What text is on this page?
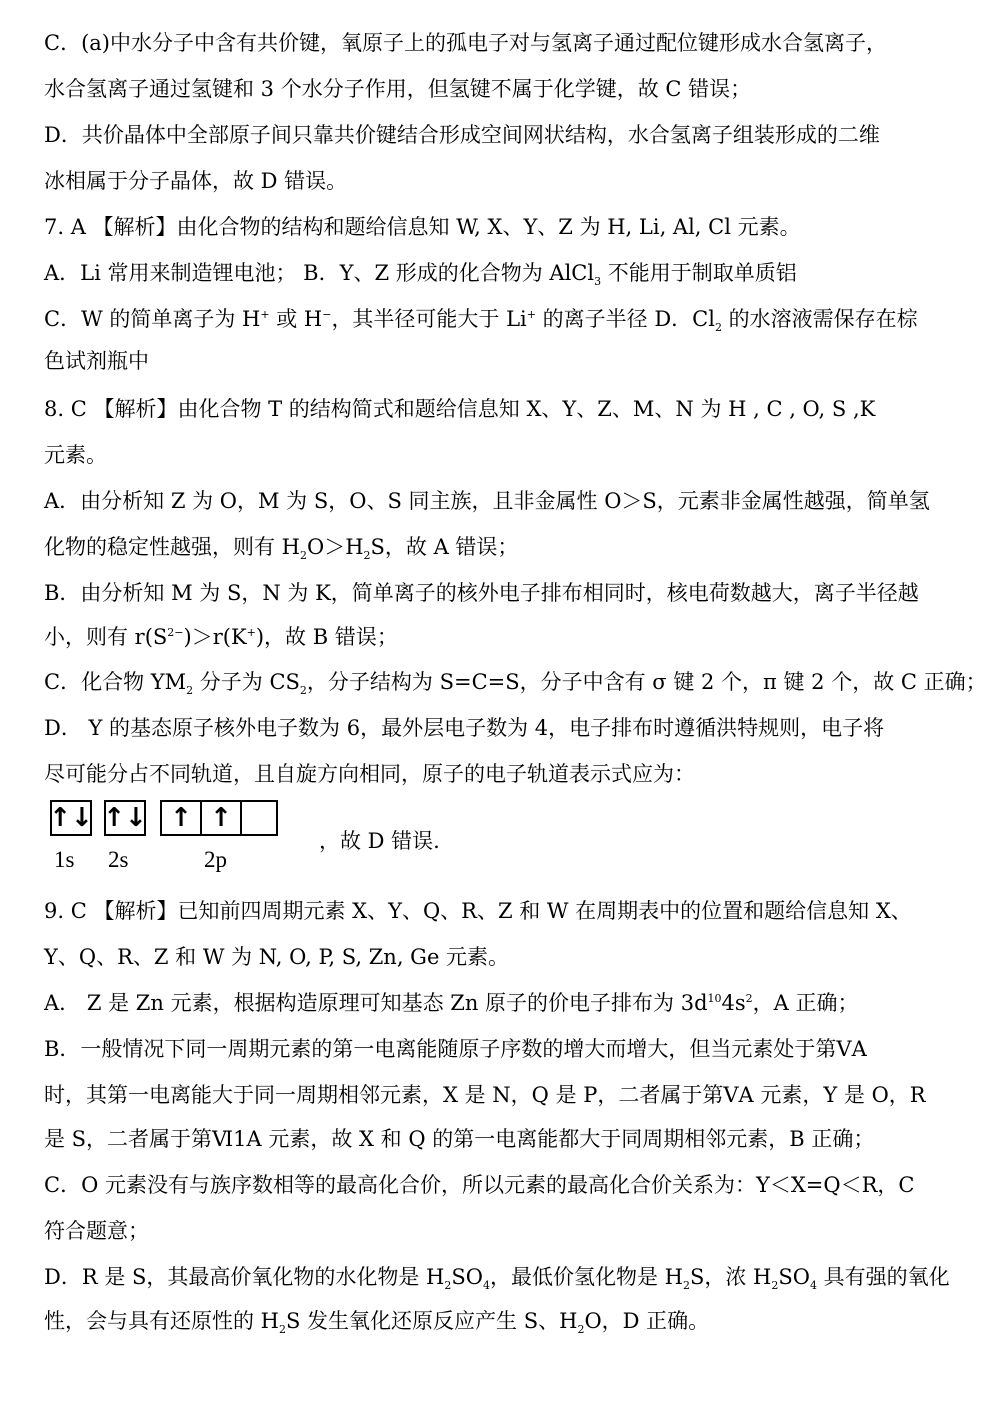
C．(a)中水分子中含有共价键，氧原子上的孤电子对与氢离子通过配位键形成水合氢离子，
水合氢离子通过氢键和 3 个水分子作用，但氢键不属于化学键，故 C 错误；
D．共价晶体中全部原子间只靠共价键结合形成空间网状结构，水合氢离子组装形成的二维
冰相属于分子晶体，故 D 错误。
7. A 【解析】由化合物的结构和题给信息知 W, X、Y、Z 为 H, Li, Al, Cl 元素。
A．Li 常用来制造锂电池； B．Y、Z 形成的化合物为 AlCl$_3$ 不能用于制取单质铝
C．W 的简单离子为 H+ 或 H−，其半径可能大于 Li+ 的离子半径 D．$Cl_2$ 的水溶液需保存在棕
色试剂瓶中
8. C 【解析】由化合物 T 的结构简式和题给信息知 X、Y、Z、M、N 为 H , C , O, S ,K
元素。
A．由分析知 Z 为 O，M 为 S，O、S 同主族，且非金属性 O＞S，元素非金属性越强，简单氢
化物的稳定性越强，则有 $H_2O>H_2S$，故 A 错误；
B．由分析知 M 为 S，N 为 K，简单离子的核外电子排布相同时，核电荷数越大，离子半径越
小，则有 $r(S^{2-})>r(K^+)$，故 B 错误；
C．化合物 $YM_2$ 分子为 $CS_2$，分子结构为 S=C=S，分子中含有 σ 键 2 个，π 键 2 个，故 C 正确；
D． Y 的基态原子核外电子数为 6，最外层电子数为 4，电子排布时遵循洪特规则，电子将
尽可能分占不同轨道，且自旋方向相同，原子的电子轨道表示式应为：
↑↓ ↑↓ ↑ ↑
1s 2s	2p
，故 D 错误.
9. C 【解析】已知前四周期元素 X、Y、Q、R、Z 和 W 在周期表中的位置和题给信息知 X、
Y、Q、R、Z 和 W 为 N, O, P, S, Zn, Ge 元素。
A． Z 是 Zn 元素，根据构造原理可知基态 Zn 原子的价电子排布为 $3d^{10}4s^2$，A 正确；
B．一般情况下同一周期元素的第一电离能随原子序数的增大而增大，但当元素处于第ⅤA
时，其第一电离能大于同一周期相邻元素，X 是 N，Q 是 P，二者属于第ⅤA 元素，Y 是 O，R
是 S，二者属于第Ⅵ1A 元素，故 X 和 Q 的第一电离能都大于同周期相邻元素，B 正确；
C．O 元素没有与族序数相等的最高化合价，所以元素的最高化合价关系为：Y＜X=Q＜R，C
符合题意；
D．R 是 S，其最高价氧化物的水化物是 $H_2SO_4$，最低价氢化物是 $H_2S$，浓 $H_2SO_4$ 具有强的氧化
性，会与具有还原性的 $H_2S$ 发生氧化还原反应产生 S、$H_2O$，D 正确。
